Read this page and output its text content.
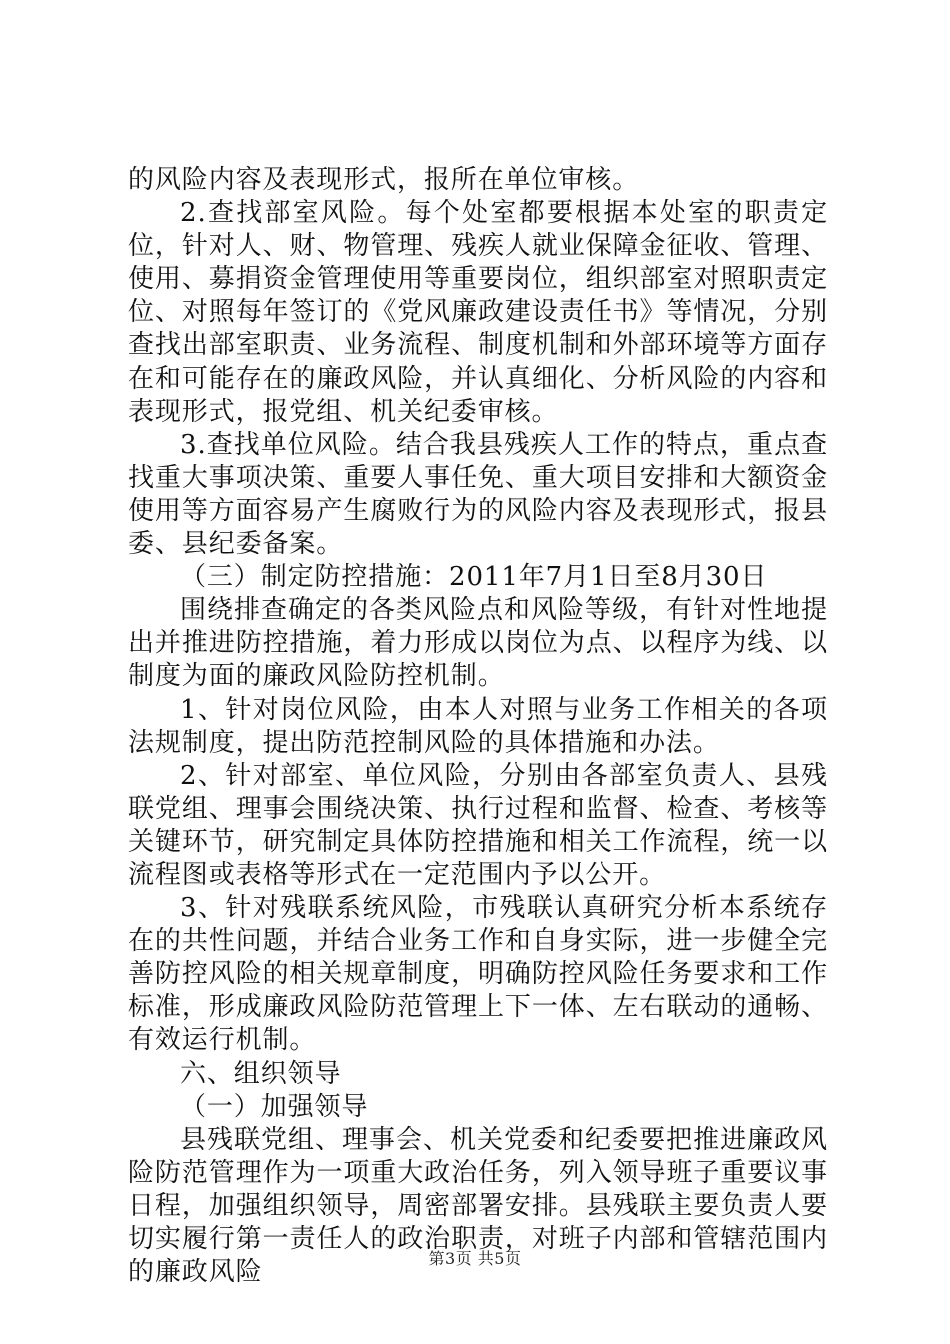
的风险内容及表现形式，报所在单位审核。

2.查找部室风险。每个处室都要根据本处室的职责定位，针对人、财、物管理、残疾人就业保障金征收、管理、使用、募捐资金管理使用等重要岗位，组织部室对照职责定位、对照每年签订的《党风廉政建设责任书》等情况，分别查找出部室职责、业务流程、制度机制和外部环境等方面存在和可能存在的廉政风险，并认真细化、分析风险的内容和表现形式，报党组、机关纪委审核。

3.查找单位风险。结合我县残疾人工作的特点，重点查找重大事项决策、重要人事任免、重大项目安排和大额资金使用等方面容易产生腐败行为的风险内容及表现形式，报县委、县纪委备案。

（三）制定防控措施：2011年7月1日至8月30日

围绕排查确定的各类风险点和风险等级，有针对性地提出并推进防控措施，着力形成以岗位为点、以程序为线、以制度为面的廉政风险防控机制。

1、针对岗位风险，由本人对照与业务工作相关的各项法规制度，提出防范控制风险的具体措施和办法。

2、针对部室、单位风险，分别由各部室负责人、县残联党组、理事会围绕决策、执行过程和监督、检查、考核等关键环节，研究制定具体防控措施和相关工作流程，统一以流程图或表格等形式在一定范围内予以公开。

3、针对残联系统风险，市残联认真研究分析本系统存在的共性问题，并结合业务工作和自身实际，进一步健全完善防控风险的相关规章制度，明确防控风险任务要求和工作标准，形成廉政风险防范管理上下一体、左右联动的通畅、有效运行机制。

六、组织领导

（一）加强领导

县残联党组、理事会、机关党委和纪委要把推进廉政风险防范管理作为一项重大政治任务，列入领导班子重要议事日程，加强组织领导，周密部署安排。县残联主要负责人要切实履行第一责任人的政治职责，对班子内部和管辖范围内的廉政风险	第3页 共5页
